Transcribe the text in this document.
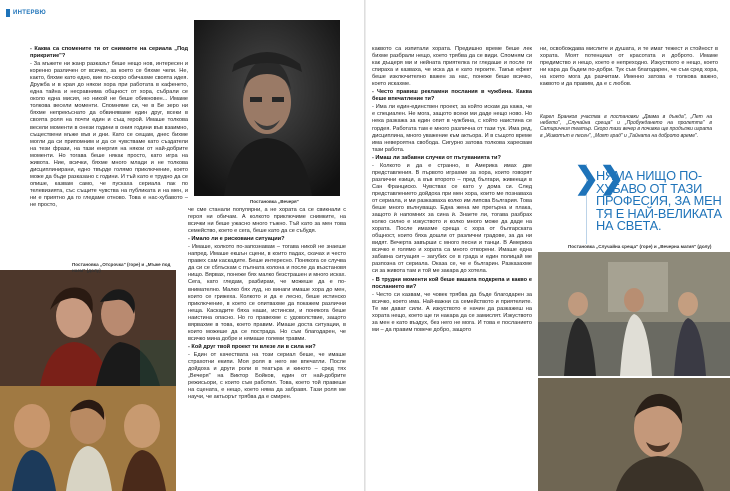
ИНТЕРВЮ

- Каква са спомените ти от снимките на сериала „Под прикритие"?

- За мъжете ни жанр разказът беше нещо нов, интересен и коренно различен от всичко, за което се бяхме чели. Не, както, бяхме като едно, вие по-скоро обичахме своята идея. Дружба и в края до някои хора при работата в кафенето, една тайна и несравнима общност от хора, събрали се около една мисия, но никой не беше обикновен... Имаме толкова весели моменти. Спомняме си, че в Бе зеро ни бяхме непрекъснато да обвиняваме един друг, всеки в своята роля на почти един и същ герой. Имаше толкова весели моменти в онези години в ония години във взаимно, съществени мъже във и дни. Като се сещам, днес бихме могли да си припомним и да се чувстваме като създатели на тези фрази, на тази енергия на някои от най-добрите моменти. Но тогава беше някак просто, като игра на живота. Ние, всички, бяхме много млади и не толкова дисциплинирани, едно твърде голямо приключение, което може да бъде разказано с години. И тъй като е трудно да се опише, казвам само, че пускаха сериала пак по телевизията, със същите чувства на публиката и на мен, и ни е приятно да го гледаме отново. Това е нас-хубавото – не просто,

Постановка „Вечеря"

че сме станали популярни, а не хората са се свикнали с героя ни обичам. А колкото приключиме снимките, на всички ни беше ужасно много тъжно. Тъй като за мен това семейство, което е сега, беше като да се събудя.

- Имало ли е рисковани ситуации?

- Имаше, колкото по-запознавам – тогава никой не знаеше напред. Имаше екшън сцени, в които падах, скачах и често правех сам каскадите. Беше интересно. Понякога се случва да си се сблъскам с пълната колона и после да възстановя нищо. Вярвах, понеже бях малко безстрашен и много исках. Сега, като гледам, разбирам, че можеше да е по-внимателно. Малко бях луд, но винаги имаше хора до мен, които се грижеха. Колкото и да е лесно, беше истинско приключение, в което се опитвахме да покажем различни неща. Каскадите бяха наши, истински, и понякога беше наистина опасно. Но го правехме с удоволствие, защото вярвахме в това, което правим. Имаше доста ситуации, в които можеше да се пострада. Но съм благодарен, че всичко мина добре и нямаше големи травми.

- Кой друг твой проект ти влезе ли в сила ни?

- Един от качествата на този сериал беше, че имаше страхотни екипи. Моя роля в него ме впечатли. После дойдоха и други роли в театъра и киното – сред тях „Вечеря" на Виктор Бойков, един от най-добрите режисьори, с които съм работил. Това, което той правеше на сцената, е нещо, което няма да забравя. Тази роля ме научи, че актьорът трябва да е смирен.

Постановка „Отсрочка" (горе) и „Мъже под наем" (долу)

каквото са изпитали хората. Предишно време беше лек бихме разбрали нещо, което трябва да се види. Спомням си как дъщеря ми и нейната приятелка ги гледаше и после ги спираха и казваха, че иска да е като героите. Такъв ефект беше изключително важен за нас, понеже беше всичко, което искахме.

- Често правиш рекламни послания в чужбина. Каква беше впечатление ти?

- Има ли един-единствен проект, за който искам да кажа, че е специален. Не мога, защото всеки ми даде нещо ново. Но нека разкажа за един опит в чужбина, с който наистина се гордея. Работата там е много различна от тази тук. Има ред, дисциплина, много уважение към актьора. И в същото време има невероятна свобода. Сигурно затова толкова харесвам тази работа.

- Имаш ли забавни случки от пътуванията ти?

- Колкото и да е странно, в Америка имах две представления. В първото играхме за хора, които говорят различни езици, а във второто – пред българи, живеещи в Сан Франциско. Чувствах се като у дома си. След представлението дойдоха при мен хора, които ме познаваха от сериала, и ми разказваха колко им липсва България. Това беше много вълнуващо. Една жена ме прегърна и плака, защото ѝ напомних за сина ѝ. Знаете ли, тогава разбрах колко силно е изкуството и колко много може да даде на хората. После имахме среща с хора от българската общност, които бяха дошли от различни градове, за да ни видят. Вечерта завърши с много песни и танци. В Америка всичко е голямо и хората са много отворени. Имаше една забавна ситуация – загубих се в града и един полицай ме разпозна от сериала. Оказа се, че е българин. Разказахме си за живота там и той ме закара до хотела.

- В трудни моменти кой беше вашата подкрепа и какво е посланието ви?

- Често си казвам, че човек трябва да бъде благодарен за всичко, което има. Най-важни са семейството и приятелите. Те ми дават сили. А изкуството е начин да разкажеш на хората нещо, което ще ги накара да се замислят. Изкуството за мен е като въздух, без него не мога. И това е посланието ми – да правим повече добро, защото

ни, освобождава мислите и душата, и те имат тежест и стойност в хората. Моят потенциал от красотата и доброто. Имаме предимство и нещо, което е непреходно. Изкуството е нещо, което ни кара да бъдем по-добри. Тук съм благодарен, че съм сред хора, на които мога да разчитам. Именно затова е толкова важно, каквото и да правим, да е с любов.

Карел Бранков участва в постановки „Двама в дъжда", „Пет на небето", „Случайна среща" и „Пробуждането на пролетта" в Сатиричния театър. Скоро тази вечер в почивка ще продължи играта в „Животът е песен", „Моят град" и „Тайната на доброто време".

❯❯
НЯМА НИЩО ПО-ХУБАВО ОТ ТАЗИ ПРОФЕСИЯ, ЗА МЕН ТЯ Е НАЙ-ВЕЛИКАТА НА СВЕТА.
Постановка „Случайна среща" (горе) и „Вечерна магия" (долу)
